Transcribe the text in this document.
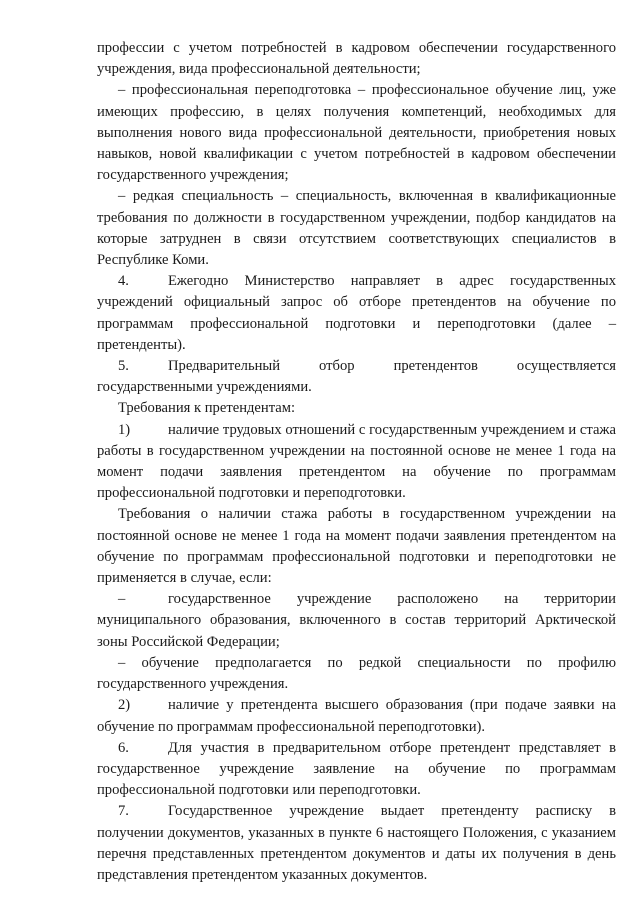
профессии с учетом потребностей в кадровом обеспечении государственного учреждения, вида профессиональной деятельности;

– профессиональная переподготовка – профессиональное обучение лиц, уже имеющих профессию, в целях получения компетенций, необходимых для выполнения нового вида профессиональной деятельности, приобретения новых навыков, новой квалификации с учетом потребностей в кадровом обеспечении государственного учреждения;

– редкая специальность – специальность, включенная в квалификационные требования по должности в государственном учреждении, подбор кандидатов на которые затруднен в связи отсутствием соответствующих специалистов в Республике Коми.

4.	Ежегодно Министерство направляет в адрес государственных учреждений официальный запрос об отборе претендентов на обучение по программам профессиональной подготовки и переподготовки (далее – претенденты).

5.	Предварительный отбор претендентов осуществляется государственными учреждениями.

Требования к претендентам:

1)	наличие трудовых отношений с государственным учреждением и стажа работы в государственном учреждении на постоянной основе не менее 1 года на момент подачи заявления претендентом на обучение по программам профессиональной подготовки и переподготовки.

Требования о наличии стажа работы в государственном учреждении на постоянной основе не менее 1 года на момент подачи заявления претендентом на обучение по программам профессиональной подготовки и переподготовки не применяется в случае, если:

–	государственное учреждение расположено на территории муниципального образования, включенного в состав территорий Арктической зоны Российской Федерации;

– обучение предполагается по редкой специальности по профилю государственного учреждения.

2)	наличие у претендента высшего образования (при подаче заявки на обучение по программам профессиональной переподготовки).

6.	Для участия в предварительном отборе претендент представляет в государственное учреждение заявление на обучение по программам профессиональной подготовки или переподготовки.

7.	Государственное учреждение выдает претенденту расписку в получении документов, указанных в пункте 6 настоящего Положения, с указанием перечня представленных претендентом документов и даты их получения в день представления претендентом указанных документов.
